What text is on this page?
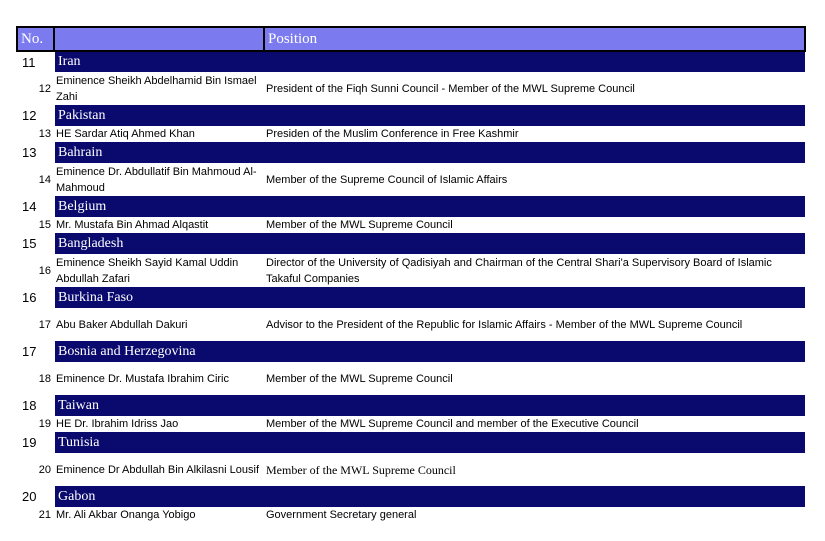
No.		Position
11	Iran	
12	Eminence Sheikh Abdelhamid Bin Ismael Zahi	President of the Fiqh Sunni Council - Member of the MWL Supreme Council
12	Pakistan	
13	HE Sardar Atiq Ahmed Khan	Presiden of the Muslim Conference in Free Kashmir
13	Bahrain	
14	Eminence Dr. Abdullatif Bin Mahmoud Al-Mahmoud	Member of the Supreme Council of Islamic Affairs
14	Belgium	
15	Mr. Mustafa Bin Ahmad Alqastit	Member of the MWL Supreme Council
15	Bangladesh	
16	Eminence Sheikh Sayid Kamal Uddin Abdullah Zafari	Director of the University of Qadisiyah and Chairman of the Central Shari'a Supervisory Board of Islamic Takaful Companies
16	Burkina Faso	
17	Abu Baker Abdullah Dakuri	Advisor to the President of the Republic for Islamic Affairs - Member of the MWL Supreme Council
17	Bosnia and Herzegovina	
18	Eminence Dr. Mustafa Ibrahim Ciric	Member of the MWL Supreme Council
18	Taiwan	
19	HE Dr. Ibrahim Idriss Jao	Member of the MWL Supreme Council and member of the Executive Council
19	Tunisia	
20	Eminence Dr Abdullah Bin Alkilasni Lousif	Member of the MWL Supreme Council
20	Gabon	
21	Mr. Ali Akbar Onanga Yobigo	Government Secretary general
